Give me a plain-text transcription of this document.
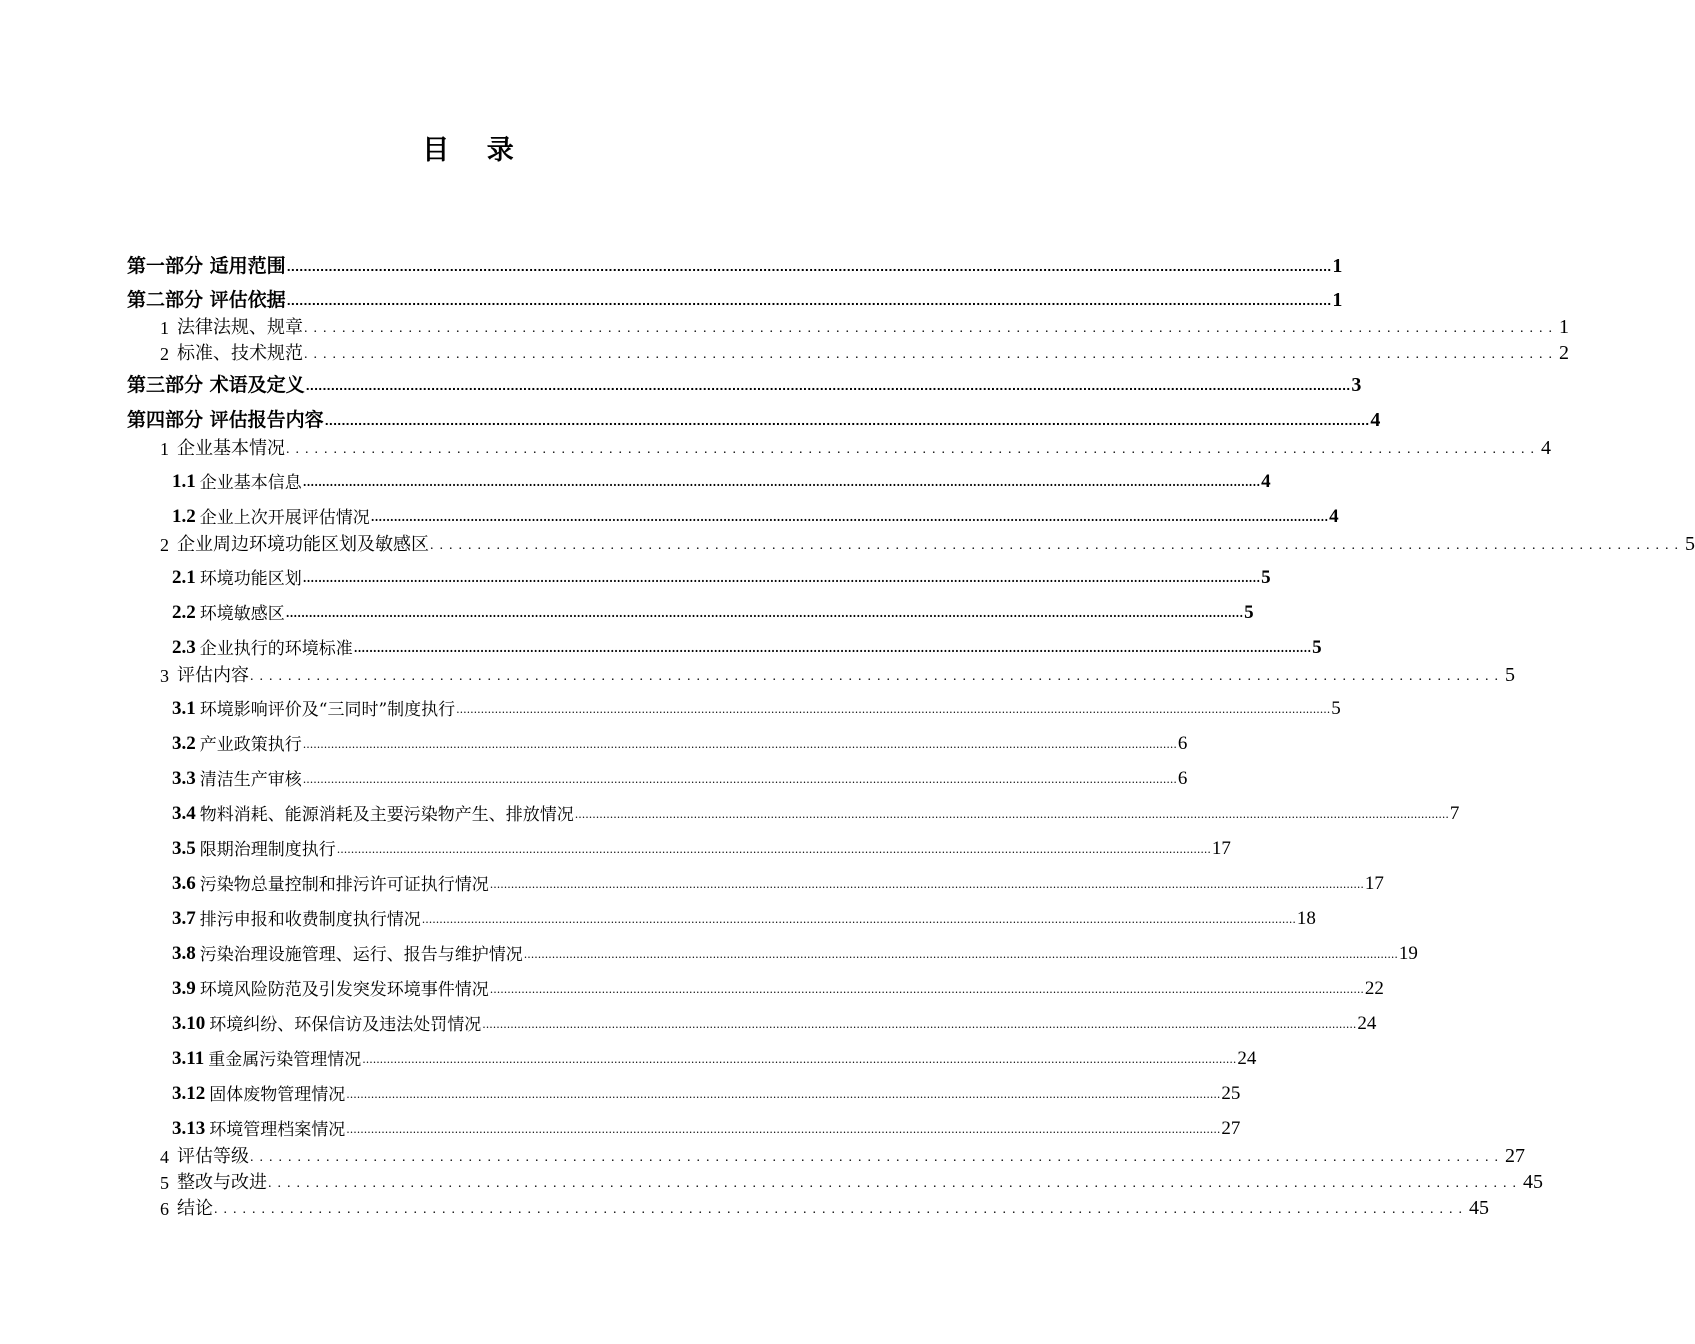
目 录
第一部分 适用范围 .......................................................................................................................................................................................................................................................... 1
第二部分 评估依据 .......................................................................................................................................................................................................................................................... 1
1 法律法规、规章 .................................................................................................................................... 1
2 标准、技术规范 .................................................................................................................................... 2
第三部分 术语及定义 .......................................................................................................................................................................................................................................................... 3
第四部分 评估报告内容 .......................................................................................................................................................................................................................................................... 4
1 企业基本情况 .................................................................................................................................... 4
1.1 企业基本信息 .......................................................................................................................................................................................................................................................... 4
1.2 企业上次开展评估情况 .......................................................................................................................................................................................................................................................... 4
2 企业周边环境功能区划及敏感区 .................................................................................................................................... 5
2.1 环境功能区划 .......................................................................................................................................................................................................................................................... 5
2.2 环境敏感区 .......................................................................................................................................................................................................................................................... 5
2.3 企业执行的环境标准 .......................................................................................................................................................................................................................................................... 5
3 评估内容 .................................................................................................................................... 5
3.1 环境影响评价及“三同时”制度执行 .......................................................................................................................................................................................................................................................... 5
3.2 产业政策执行 .......................................................................................................................................................................................................................................................... 6
3.3 清洁生产审核 .......................................................................................................................................................................................................................................................... 6
3.4 物料消耗、能源消耗及主要污染物产生、排放情况 .......................................................................................................................................................................................................................................................... 7
3.5 限期治理制度执行 .......................................................................................................................................................................................................................................................... 17
3.6 污染物总量控制和排污许可证执行情况 .......................................................................................................................................................................................................................................................... 17
3.7 排污申报和收费制度执行情况 .......................................................................................................................................................................................................................................................... 18
3.8 污染治理设施管理、运行、报告与维护情况 .......................................................................................................................................................................................................................................................... 19
3.9 环境风险防范及引发突发环境事件情况 .......................................................................................................................................................................................................................................................... 22
3.10 环境纠纷、环保信访及违法处罚情况 .......................................................................................................................................................................................................................................................... 24
3.11 重金属污染管理情况 .......................................................................................................................................................................................................................................................... 24
3.12 固体废物管理情况 .......................................................................................................................................................................................................................................................... 25
3.13 环境管理档案情况 .......................................................................................................................................................................................................................................................... 27
4 评估等级 .................................................................................................................................... 27
5 整改与改进 .................................................................................................................................... 45
6 结论 .................................................................................................................................... 45
